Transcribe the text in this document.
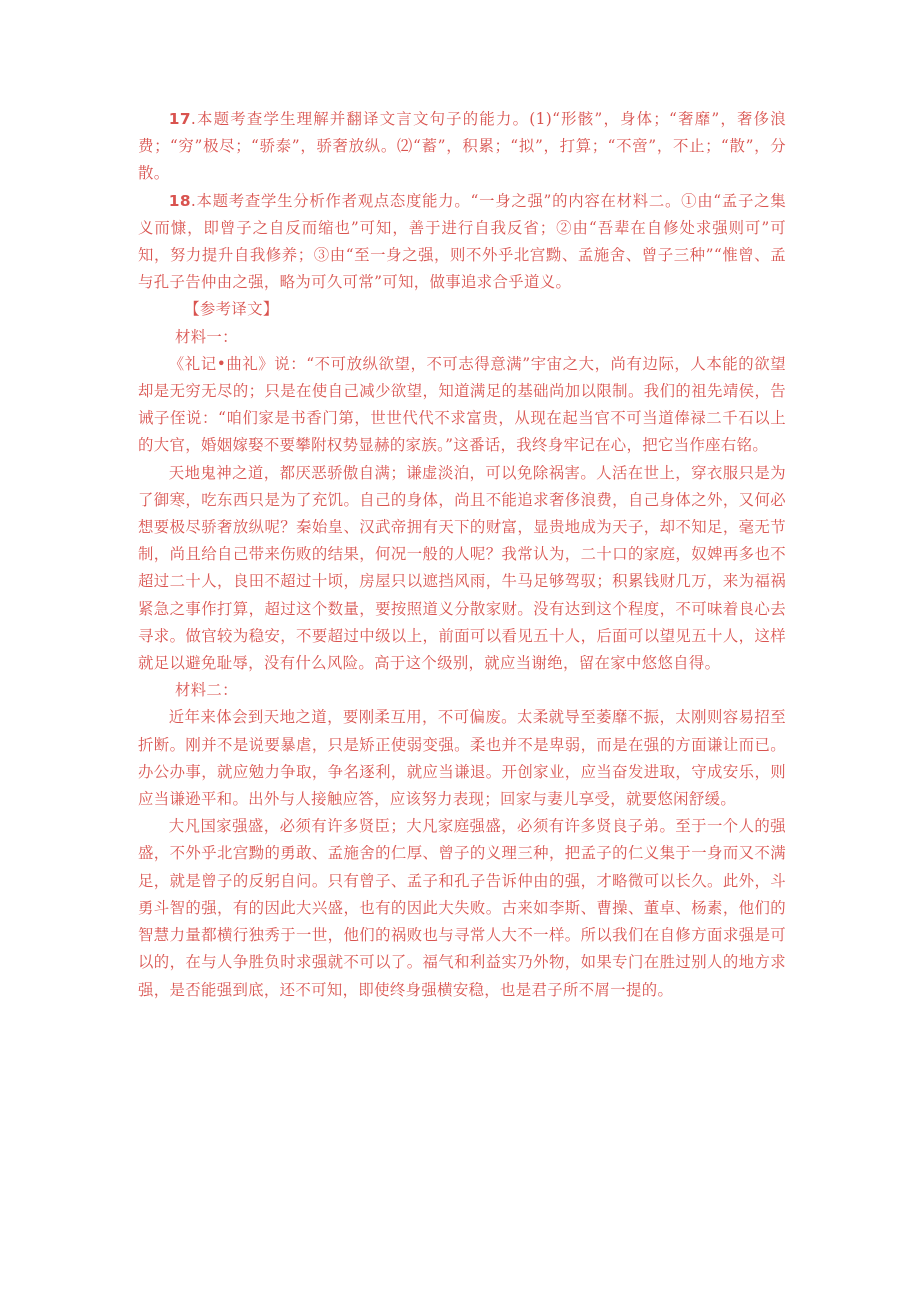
17.本题考查学生理解并翻译文言文句子的能力。(1)“形骸”，身体；“奢靡”，奢侈浪费；“穷”极尽；“骄泰”，骄奢放纵。⑵“蓄”，积累；“拟”，打算；“不啻”，不止；“散”，分散。

18.本题考查学生分析作者观点态度能力。“一身之强”的内容在材料二。①由“孟子之集义而慷，即曾子之自反而缩也”可知，善于进行自我反省；②由“吾辈在自修处求强则可”可知，努力提升自我修养；③由“至一身之强，则不外乎北宫黝、孟施舍、曾子三种”“惟曾、孟与孔子告仲由之强，略为可久可常”可知，做事追求合乎道义。

【参考译文】

材料一：

《礼记•曲礼》说：“不可放纵欲望，不可志得意满”宇宙之大，尚有边际，人本能的欲望却是无穷无尽的；只是在使自己减少欲望，知道满足的基础尚加以限制。我们的祖先靖侯，告诫子侄说：“咱们家是书香门第，世世代代不求富贵，从现在起当官不可当道俸禄二千石以上的大官，婚姻嫁娶不要攀附权势显赫的家族。”这番话，我终身牢记在心，把它当作座右铭。

天地鬼神之道，都厌恶骄傲自满；谦虚淡泊，可以免除祸害。人活在世上，穿衣服只是为了御寒，吃东西只是为了充饥。自己的身体，尚且不能追求奢侈浪费，自己身体之外，又何必想要极尽骄奢放纵呢？秦始皇、汉武帝拥有天下的财富，显贵地成为天子，却不知足，毫无节制，尚且给自己带来伤败的结果，何况一般的人呢？我常认为，二十口的家庭，奴婢再多也不超过二十人，良田不超过十顷，房屋只以遮挡风雨，牛马足够驾驭；积累钱财几万，来为福祸紧急之事作打算，超过这个数量，要按照道义分散家财。没有达到这个程度，不可味着良心去寻求。做官较为稳安，不要超过中级以上，前面可以看见五十人，后面可以望见五十人，这样就足以避免耻辱，没有什么风险。高于这个级别，就应当谢绝，留在家中悠悠自得。

材料二：

近年来体会到天地之道，要刚柔互用，不可偏废。太柔就导至萎靡不振，太刚则容易招至折断。刚并不是说要暴虐，只是矫正使弱变强。柔也并不是卑弱，而是在强的方面谦让而已。办公办事，就应勉力争取，争名逐利，就应当谦退。开创家业，应当奋发进取，守成安乐，则应当谦逊平和。出外与人接触应答，应该努力表现；回家与妻儿享受，就要悠闲舒缓。

大凡国家强盛，必须有许多贤臣；大凡家庭强盛，必须有许多贤良子弟。至于一个人的强盛，不外乎北宫黝的勇敢、孟施舍的仁厚、曾子的义理三种，把孟子的仁义集于一身而又不满足，就是曾子的反躬自问。只有曾子、孟子和孔子告诉仲由的强，才略微可以长久。此外，斗勇斗智的强，有的因此大兴盛，也有的因此大失败。古来如李斯、曹操、董卓、杨素，他们的智慧力量都横行独秀于一世，他们的祸败也与寻常人大不一样。所以我们在自修方面求强是可以的，在与人争胜负时求强就不可以了。福气和利益实乃外物，如果专门在胜过别人的地方求强，是否能强到底，还不可知，即使终身强横安稳，也是君子所不屑一提的。
